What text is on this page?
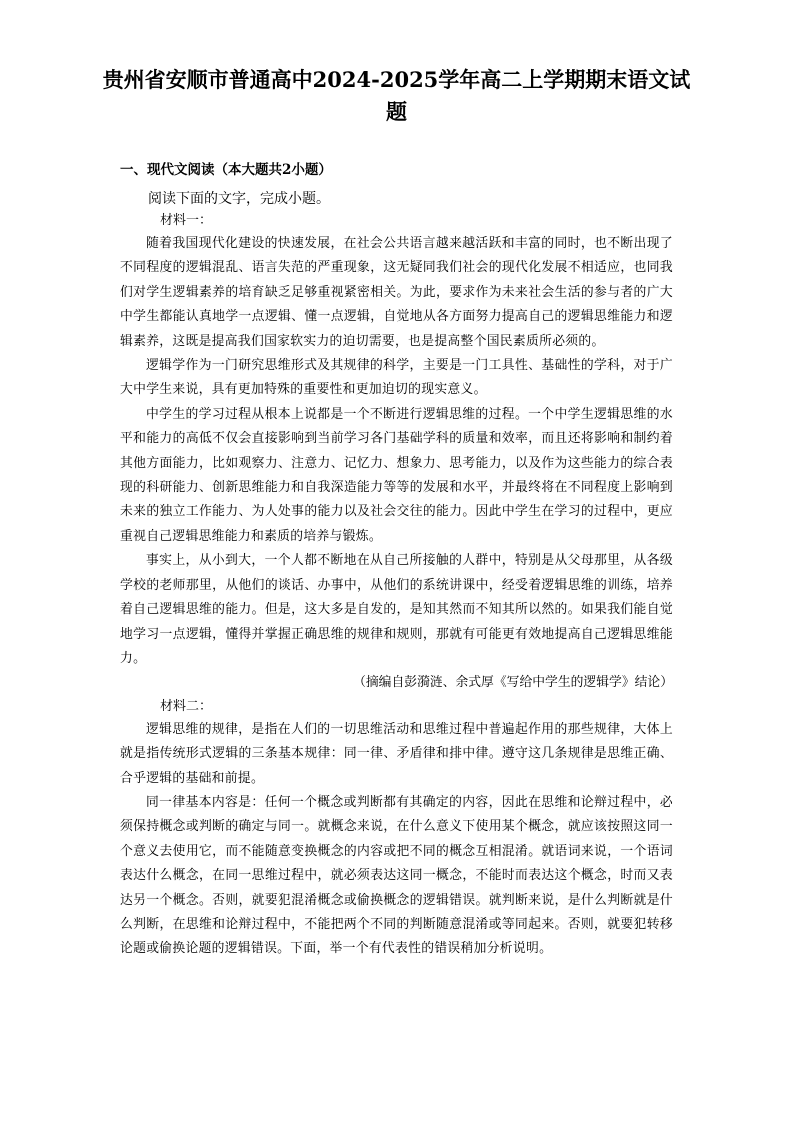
贵州省安顺市普通高中2024-2025学年高二上学期期末语文试题
一、现代文阅读（本大题共2小题）

阅读下面的文字，完成小题。

材料一：

随着我国现代化建设的快速发展，在社会公共语言越来越活跃和丰富的同时，也不断出现了不同程度的逻辑混乱、语言失范的严重现象，这无疑同我们社会的现代化发展不相适应，也同我们对学生逻辑素养的培育缺乏足够重视紧密相关。为此，要求作为未来社会生活的参与者的广大中学生都能认真地学一点逻辑、懂一点逻辑，自觉地从各方面努力提高自己的逻辑思维能力和逻辑素养，这既是提高我们国家软实力的迫切需要，也是提高整个国民素质所必须的。

逻辑学作为一门研究思维形式及其规律的科学，主要是一门工具性、基础性的学科，对于广大中学生来说，具有更加特殊的重要性和更加迫切的现实意义。

中学生的学习过程从根本上说都是一个不断进行逻辑思维的过程。一个中学生逻辑思维的水平和能力的高低不仅会直接影响到当前学习各门基础学科的质量和效率，而且还将影响和制约着其他方面能力，比如观察力、注意力、记忆力、想象力、思考能力，以及作为这些能力的综合表现的科研能力、创新思维能力和自我深造能力等等的发展和水平，并最终将在不同程度上影响到未来的独立工作能力、为人处事的能力以及社会交往的能力。因此中学生在学习的过程中，更应重视自己逻辑思维能力和素质的培养与锻炼。

事实上，从小到大，一个人都不断地在从自己所接触的人群中，特别是从父母那里，从各级学校的老师那里，从他们的谈话、办事中，从他们的系统讲课中，经受着逻辑思维的训练，培养着自己逻辑思维的能力。但是，这大多是自发的，是知其然而不知其所以然的。如果我们能自觉地学习一点逻辑，懂得并掌握正确思维的规律和规则，那就有可能更有效地提高自己逻辑思维能力。

（摘编自彭漪涟、余式厚《写给中学生的逻辑学》结论）

材料二：

逻辑思维的规律，是指在人们的一切思维活动和思维过程中普遍起作用的那些规律，大体上就是指传统形式逻辑的三条基本规律：同一律、矛盾律和排中律。遵守这几条规律是思维正确、合乎逻辑的基础和前提。

同一律基本内容是：任何一个概念或判断都有其确定的内容，因此在思维和论辩过程中，必须保持概念或判断的确定与同一。就概念来说，在什么意义下使用某个概念，就应该按照这同一个意义去使用它，而不能随意变换概念的内容或把不同的概念互相混淆。就语词来说，一个语词表达什么概念，在同一思维过程中，就必须表达这同一概念，不能时而表达这个概念，时而又表达另一个概念。否则，就要犯混淆概念或偷换概念的逻辑错误。就判断来说，是什么判断就是什么判断，在思维和论辩过程中，不能把两个不同的判断随意混淆或等同起来。否则，就要犯转移论题或偷换论题的逻辑错误。下面，举一个有代表性的错误稍加分析说明。
